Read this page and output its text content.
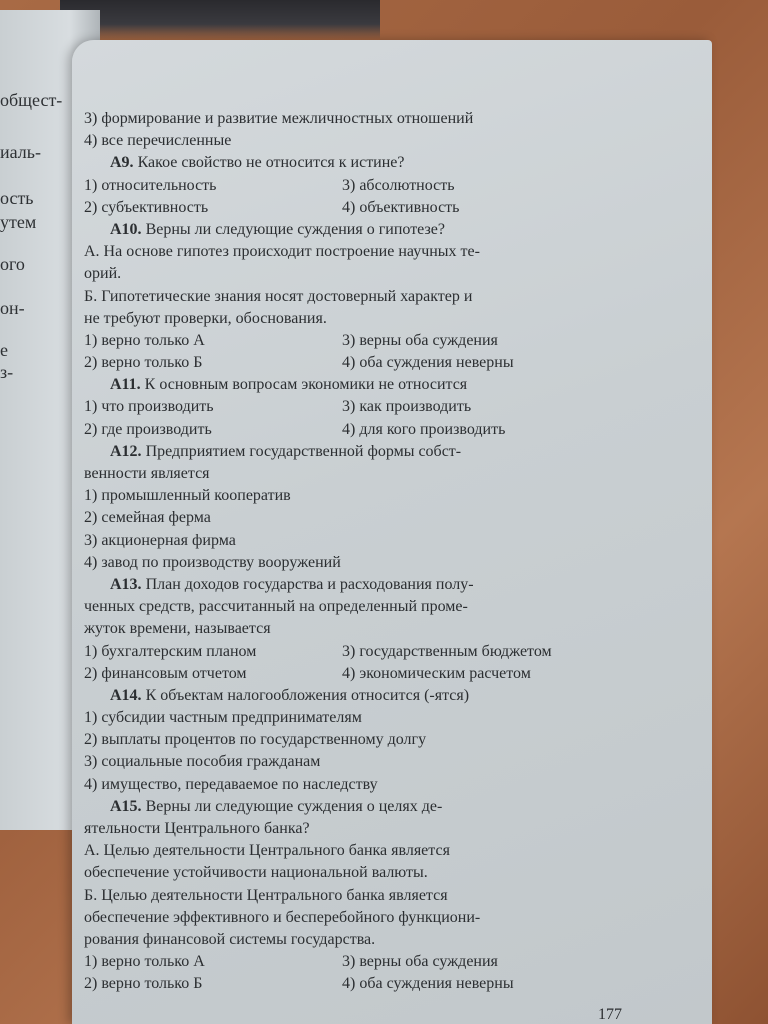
общест-
иаль-
ость
утем
ого
он-
е
з-
3) формирование и развитие межличностных отношений
4) все перечисленные
А9. Какое свойство не относится к истине?
1) относительность	3) абсолютность
2) субъективность	4) объективность
А10. Верны ли следующие суждения о гипотезе?
А. На основе гипотез происходит построение научных те-
орий.
Б. Гипотетические знания носят достоверный характер и
не требуют проверки, обоснования.
1) верно только А	3) верны оба суждения
2) верно только Б	4) оба суждения неверны
А11. К основным вопросам экономики не относится
1) что производить	3) как производить
2) где производить	4) для кого производить
А12. Предприятием государственной формы собст-
венности является
1) промышленный кооператив
2) семейная ферма
3) акционерная фирма
4) завод по производству вооружений
А13. План доходов государства и расходования полу-
ченных средств, рассчитанный на определенный проме-
жуток времени, называется
1) бухгалтерским планом	3) государственным бюджетом
2) финансовым отчетом	4) экономическим расчетом
А14. К объектам налогообложения относится (-ятся)
1) субсидии частным предпринимателям
2) выплаты процентов по государственному долгу
3) социальные пособия гражданам
4) имущество, передаваемое по наследству
А15. Верны ли следующие суждения о целях де-
ятельности Центрального банка?
А. Целью деятельности Центрального банка является
обеспечение устойчивости национальной валюты.
Б. Целью деятельности Центрального банка является
обеспечение эффективного и бесперебойного функциони-
рования финансовой системы государства.
1) верно только А	3) верны оба суждения
2) верно только Б	4) оба суждения неверны
177
